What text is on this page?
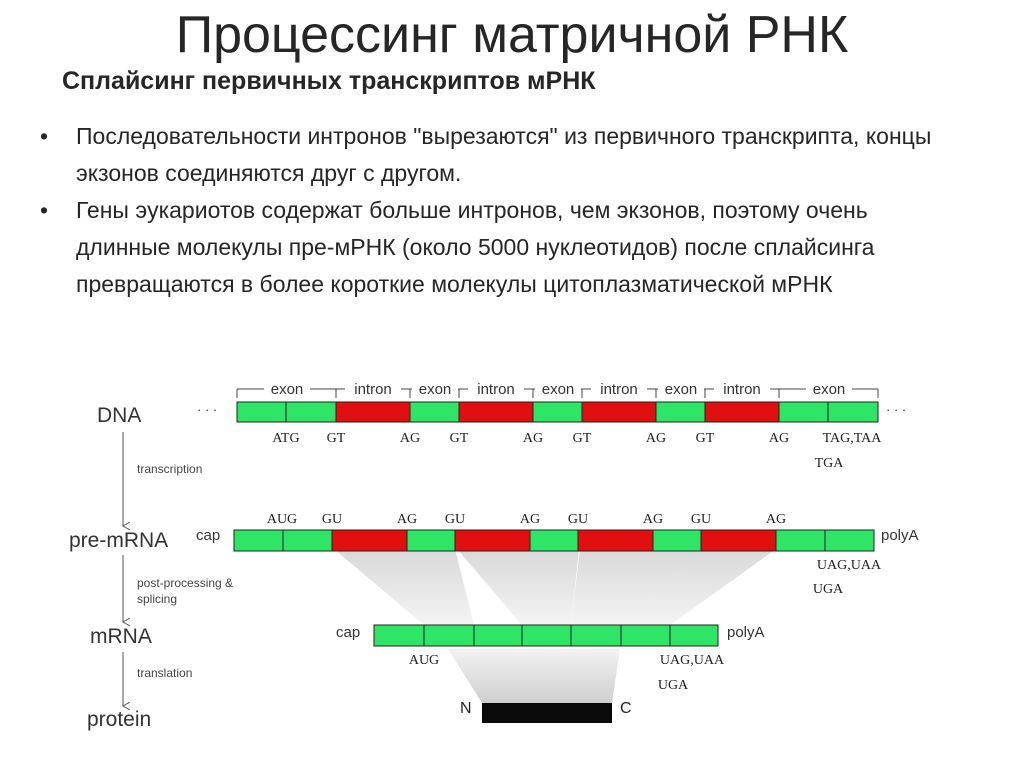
Процессинг матричной РНК
Сплайсинг первичных транскриптов мРНК
•	Последовательности интронов "вырезаются" из первичного транскрипта, концы экзонов соединяются друг с другом.
•	Гены эукариотов содержат больше интронов, чем экзонов, поэтому очень длинные молекулы пре-мРНК (около 5000 нуклеотидов) после сплайсинга превращаются в более короткие молекулы цитоплазматической мРНК
DNA
pre-mRNA
mRNA
protein
transcription
post-processing &
splicing
translation
· · ·	· · ·
exon	intron exon intron exon intron exon intron	exon
ATG GT	AG GT	AG GT	AG GT	AG TAG,TAA
TGA
cap	polyA
AUG GU	AG GU	AG GU	AG GU	AG
UAG,UAA
UGA
cap	polyA
AUG	UAG,UAA
UGA
N	C
